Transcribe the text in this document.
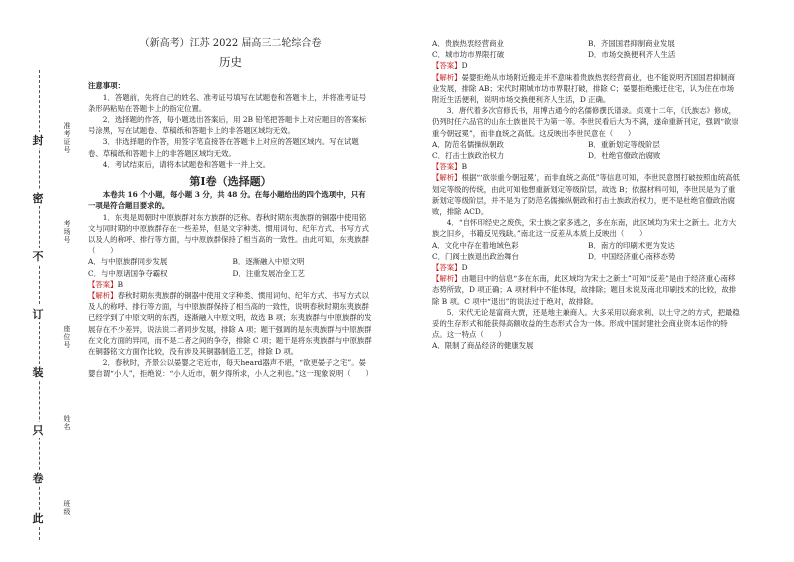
封
密
不
订
装
只
卷
此
准考证号
考场号
座位号
姓名
班级
（新高考）江苏 2022 届高三二轮综合卷
历史

注意事项：

1．答题前，先将自己的姓名、准考证号填写在试题卷和答题卡上，并将准考证号条形码粘贴在答题卡上的指定位置。

2．选择题的作答，每小题选出答案后，用 2B 铅笔把答题卡上对应题目的答案标号涂黑，写在试题卷、草稿纸和答题卡上的非答题区域均无效。

3．非选择题的作答，用签字笔直接答在答题卡上对应的答题区域内。写在试题卷、草稿纸和答题卡上的非答题区域均无效。

4．考试结束后，请将本试题卷和答题卡一并上交。

第Ⅰ卷（选择题）

本卷共 16 个小题，每小题 3 分，共 48 分。在每小题给出的四个选项中，只有一项是符合题目要求的。

1．东夷是周朝时中原族群对东方族群的泛称。春秋时期东夷族群的铜器中使用铭文与同时期的中原族群存在一些差异，但是文字种类、惯用词句、纪年方式、书写方式以及人的称呼、排行等方面，与中原族群保持了相当高的一致性。由此可知，东夷族群（　　）

A．与中原族群同步发展	B．逐渐融入中原文明
C．与中原诸国争夺霸权	D．注重发展冶金工艺

【答案】B

【解析】春秋时期东夷族群的铜器中使用文字种类、惯用词句、纪年方式、书写方式以及人的称呼、排行等方面，与中原族群保持了相当高的一致性，说明春秋时期东夷族群已经学到了中原文明的东西，逐渐融入中原文明，故选 B 项；东夷族群与中原族群的发展存在不少差异，说法说二者同步发展，排除 A 项；题干强调的是东夷族群与中原族群在文化方面的异同，而不是二者之间的争夺，排除 C 项；题干是将东夷族群与中原族群在铜器铭文方面作比较，没有涉及其铜器制造工艺，排除 D 项。

2．春秋时，齐景公以晏婴之宅近市，每天heard器声不堪，“欲更晏子之宅”。晏婴自谓“小人”，拒绝说：“小人近市，朝夕得所求，小人之利也。”这一现象说明（　　）

A．贵族热衷经营商业	B．齐国国君抑制商业发展
C．城市坊市界限打破	D．市场交换便利齐人生活

【答案】D

【解析】晏婴拒绝从市场附近搬走并不意味着贵族热衷经营商业，也不能说明齐国国君抑制商业发展，排除 AB；宋代时期城市坊市界限打破，排除 C；晏婴拒绝搬迁住宅，认为住在市场附近生活便利，说明市场交换便利齐人生活，D 正确。

3．唐代着多次官修氏书，用博古通今的名儒修撰氏谱录。贞观十二年，《氏族志》修成，仍列时任六品官的山东士族崔民干为第一等。李世民看后大为不满，遂命重新刊定，强调“欲崇重今朝冠冕”，而非血统之高低。这反映出李世民意在（　　）

A．防范名儒操纵朝政	B．重新划定等级阶层
C．打击士族政治权力	D．杜绝官僚政治腐败

【答案】B

【解析】根据“‘欲崇重今朝冠冕’，而非血统之高低”等信息可知，李世民意图打破按照血统高低划定等级的传统，由此可知他想重新划定等级阶层，故选 B；依据材料可知，李世民是为了重新划定等级阶层，并不是为了防范名儒操纵朝政和打击士族政治权力，更不是杜绝官僚政治腐败，排除 ACD。

4．“自怀印经史之废佚，宋士族之家多逃之，多在东南，此区域均为宋士之新土。北方大族之旧乡，书籍反见残缺。”南北这一反差从本质上反映出（　　）

A．文化中存在着地域色彩	B．南方的印刷术更为发达
C．门阀士族退出政治舞台	D．中国经济重心南移态势

【答案】D

【解析】由题目中的信息“多在东南，此区域均为宋士之新土”可知“反差”是由于经济重心南移态势所致，D 项正确；A 项材料中不能体现，故排除；题目未说及南北印刷技术的比较，故排除 B 项。C 项中“退出”的说法过于绝对，故排除。

5．宋代无论是富商大贾，还是地主兼商人。大多采用以商求利、以土守之的方式，把最稳妥的生存形式和能获得高额收益的生态形式合为一体。形成中国封建社会商业资本运作的特点。这一特点（　　）

A．限制了商品经济的健康发展
